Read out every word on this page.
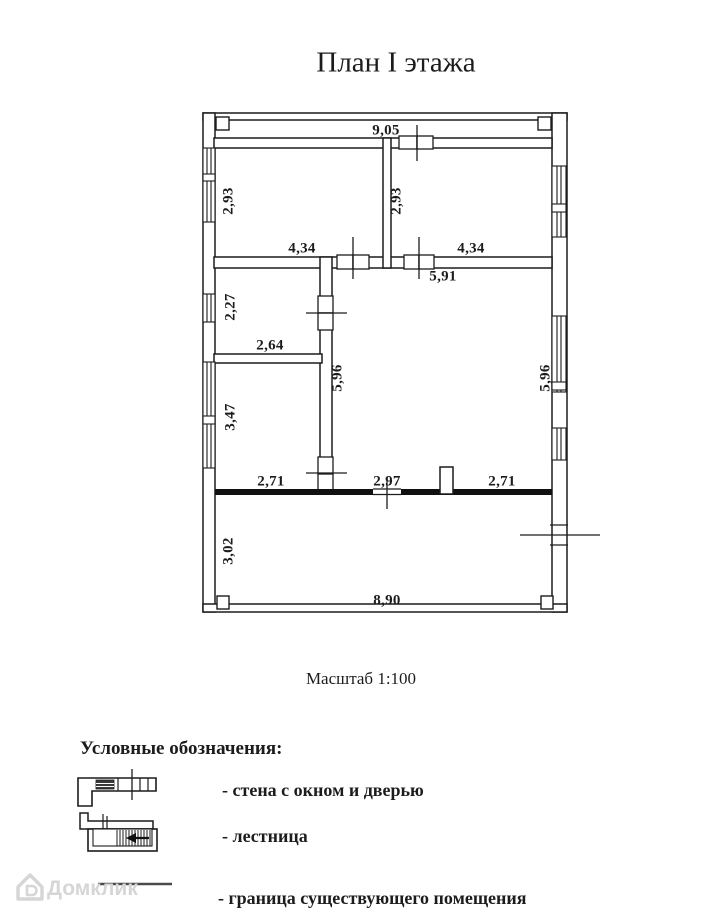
План I этажа
9,05
2,93
4,34
2,93
4,34
5,91
2,27
2,64
5,96	5,96
3,47
2,71	2,97	2,71
3,02
8,90
Масштаб 1:100
Условные обозначения:
- стена с окном и дверью
- лестница
- граница существующего помещения
Домклик
